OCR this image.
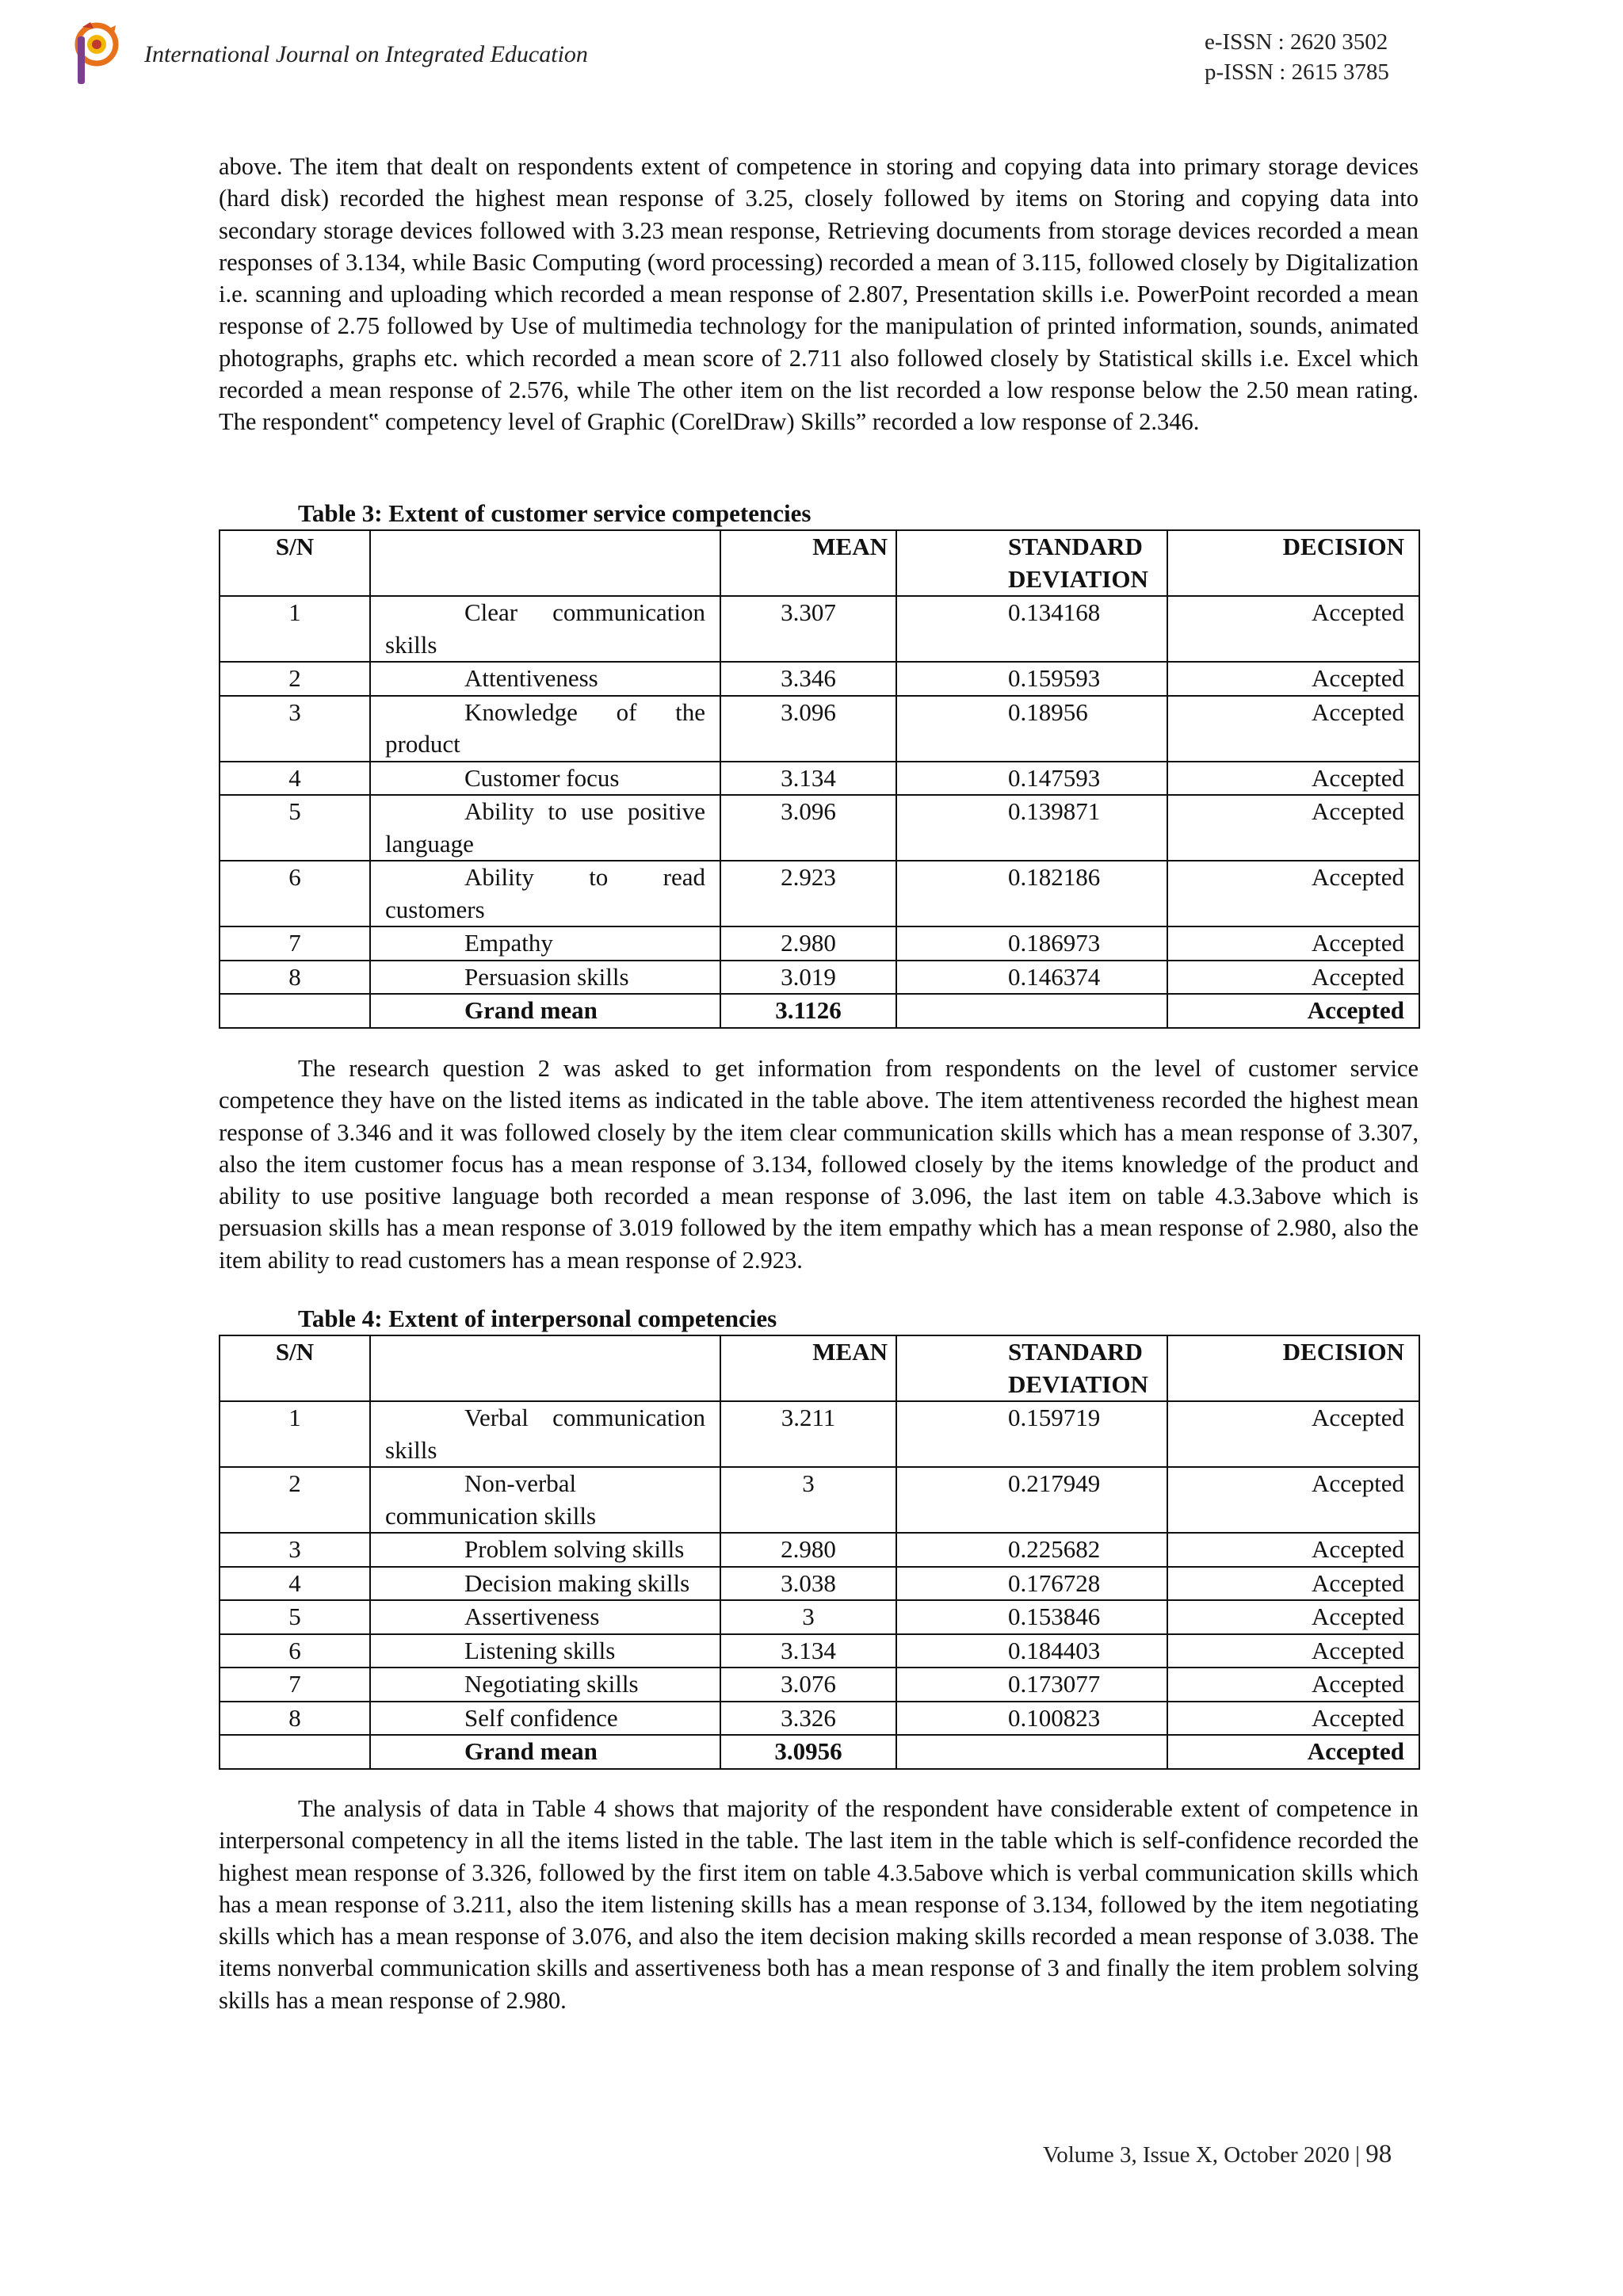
International Journal on Integrated Education	e-ISSN : 2620 3502
p-ISSN : 2615 3785
above. The item that dealt on respondents extent of competence in storing and copying data into primary storage devices (hard disk) recorded the highest mean response of 3.25, closely followed by items on Storing and copying data into secondary storage devices followed with 3.23 mean response, Retrieving documents from storage devices recorded a mean responses of 3.134, while Basic Computing (word processing) recorded a mean of 3.115, followed closely by Digitalization i.e. scanning and uploading which recorded a mean response of 2.807, Presentation skills i.e. PowerPoint recorded a mean response of 2.75 followed by Use of multimedia technology for the manipulation of printed information, sounds, animated photographs, graphs etc. which recorded a mean score of 2.711 also followed closely by Statistical skills i.e. Excel which recorded a mean response of 2.576, while The other item on the list recorded a low response below the 2.50 mean rating. The respondent‟ competency level of Graphic (CorelDraw) Skills” recorded a low response of 2.346.
Table 3: Extent of customer service competencies
S/N		MEAN	STANDARD DEVIATION	DECISION
1	Clear communication skills	3.307	0.134168	Accepted
2	Attentiveness	3.346	0.159593	Accepted
3	Knowledge of the product	3.096	0.18956	Accepted
4	Customer focus	3.134	0.147593	Accepted
5	Ability to use positive language	3.096	0.139871	Accepted
6	Ability to read customers	2.923	0.182186	Accepted
7	Empathy	2.980	0.186973	Accepted
8	Persuasion skills	3.019	0.146374	Accepted

	Grand mean	3.1126		Accepted
The research question 2 was asked to get information from respondents on the level of customer service competence they have on the listed items as indicated in the table above. The item attentiveness recorded the highest mean response of 3.346 and it was followed closely by the item clear communication skills which has a mean response of 3.307, also the item customer focus has a mean response of 3.134, followed closely by the items knowledge of the product and ability to use positive language both recorded a mean response of 3.096, the last item on table 4.3.3above which is persuasion skills has a mean response of 3.019 followed by the item empathy which has a mean response of 2.980, also the item ability to read customers has a mean response of 2.923.
Table 4: Extent of interpersonal competencies
S/N		MEAN	STANDARD DEVIATION	DECISION
1	Verbal communication skills	3.211	0.159719	Accepted
2	Non-verbal communication skills	3	0.217949	Accepted
3	Problem solving skills	2.980	0.225682	Accepted
4	Decision making skills	3.038	0.176728	Accepted
5	Assertiveness	3	0.153846	Accepted
6	Listening skills	3.134	0.184403	Accepted
7	Negotiating skills	3.076	0.173077	Accepted
8	Self confidence	3.326	0.100823	Accepted

	Grand mean	3.0956		Accepted
The analysis of data in Table 4 shows that majority of the respondent have considerable extent of competence in interpersonal competency in all the items listed in the table. The last item in the table which is self-confidence recorded the highest mean response of 3.326, followed by the first item on table 4.3.5above which is verbal communication skills which has a mean response of 3.211, also the item listening skills has a mean response of 3.134, followed by the item negotiating skills which has a mean response of 3.076, and also the item decision making skills recorded a mean response of 3.038. The items nonverbal communication skills and assertiveness both has a mean response of 3 and finally the item problem solving skills has a mean response of 2.980.
Volume 3, Issue X, October 2020 | 98
